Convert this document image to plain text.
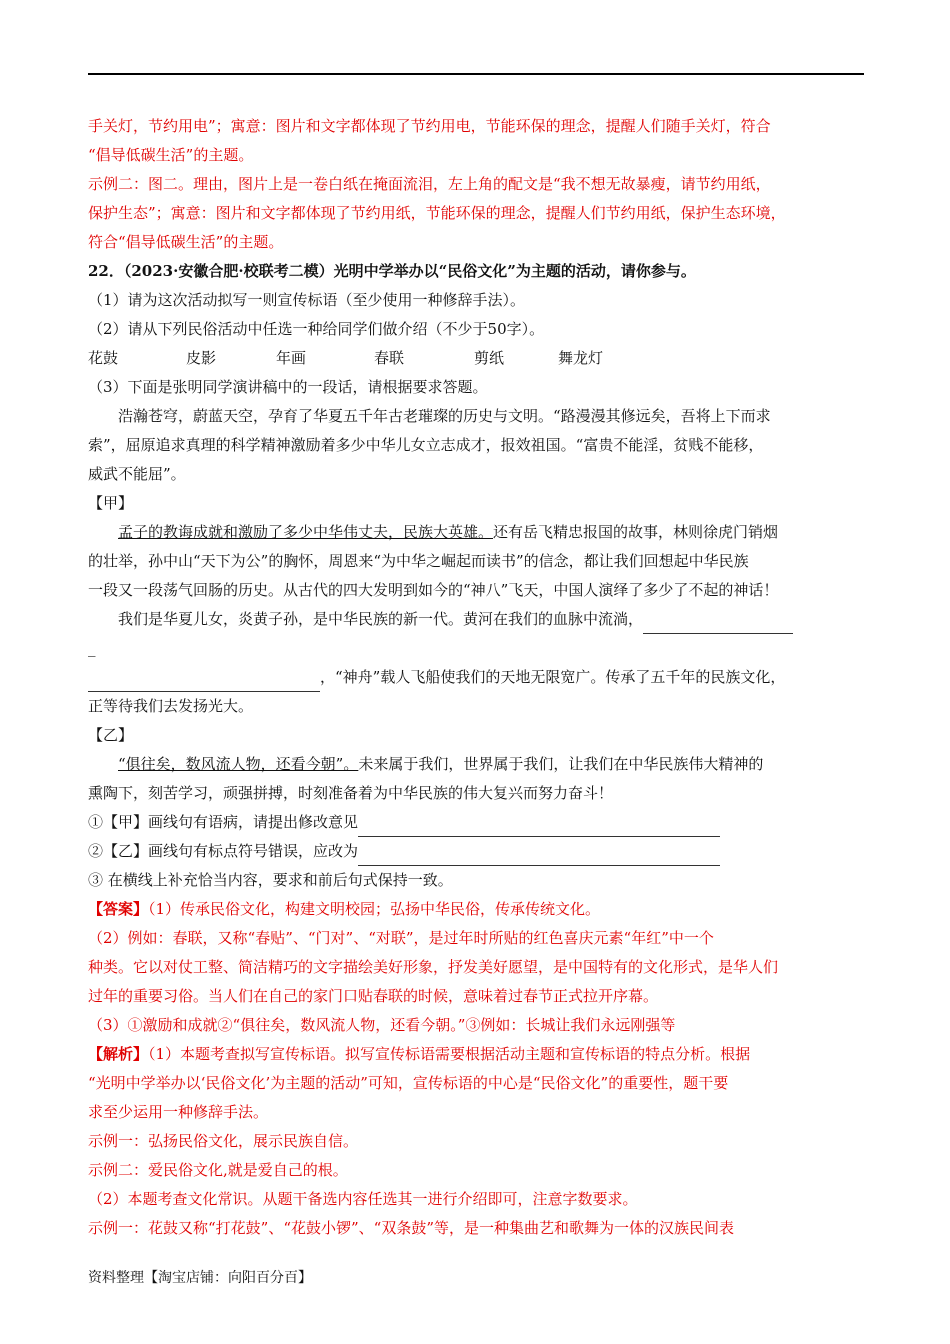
手关灯，节约用电”；寓意：图片和文字都体现了节约用电，节能环保的理念，提醒人们随手关灯，符合
“倡导低碳生活”的主题。
示例二：图二。理由，图片上是一卷白纸在掩面流泪，左上角的配文是“我不想无故暴瘦，请节约用纸，
保护生态”；寓意：图片和文字都体现了节约用纸，节能环保的理念，提醒人们节约用纸，保护生态环境，
符合“倡导低碳生活”的主题。
22．（2023·安徽合肥·校联考二模）光明中学举办以“民俗文化”为主题的活动，请你参与。
（1）请为这次活动拟写一则宣传标语（至少使用一种修辞手法）。
（2）请从下列民俗活动中任选一种给同学们做介绍（不少于50字）。
花鼓	皮影	年画	春联	剪纸	舞龙灯
（3）下面是张明同学演讲稿中的一段话，请根据要求答题。
浩瀚苍穹，蔚蓝天空，孕育了华夏五千年古老璀璨的历史与文明。“路漫漫其修远矣，吾将上下而求
索”，屈原追求真理的科学精神激励着多少中华儿女立志成才，报效祖国。“富贵不能淫，贫贱不能移，
威武不能屈”。
【甲】
孟子的教诲成就和激励了多少中华伟丈夫，民族大英雄。还有岳飞精忠报国的故事，林则徐虎门销烟
的壮举，孙中山“天下为公”的胸怀，周恩来“为中华之崛起而读书”的信念，都让我们回想起中华民族
一段又一段荡气回肠的历史。从古代的四大发明到如今的“神八”飞天，中国人演绎了多少了不起的神话！
我们是华夏儿女，炎黄子孙，是中华民族的新一代。黄河在我们的血脉中流淌，
_
，“神舟”载人飞船使我们的天地无限宽广。传承了五千年的民族文化，
正等待我们去发扬光大。
【乙】
“俱往矣，数风流人物，还看今朝”。未来属于我们，世界属于我们，让我们在中华民族伟大精神的
熏陶下，刻苦学习，顽强拼搏，时刻准备着为中华民族的伟大复兴而努力奋斗！
①【甲】画线句有语病，请提出修改意见
②【乙】画线句有标点符号错误，应改为
③ 在横线上补充恰当内容，要求和前后句式保持一致。
【答案】（1）传承民俗文化，构建文明校园；弘扬中华民俗，传承传统文化。
（2）例如：春联，又称“春贴”、“门对”、“对联”，是过年时所贴的红色喜庆元素“年红”中一个
种类。它以对仗工整、简洁精巧的文字描绘美好形象，抒发美好愿望，是中国特有的文化形式，是华人们
过年的重要习俗。当人们在自己的家门口贴春联的时候，意味着过春节正式拉开序幕。
（3）①激励和成就②“俱往矣，数风流人物，还看今朝。”③例如：长城让我们永远刚强等
【解析】（1）本题考查拟写宣传标语。拟写宣传标语需要根据活动主题和宣传标语的特点分析。根据
“光明中学举办以‘民俗文化’为主题的活动”可知，宣传标语的中心是“民俗文化”的重要性，题干要
求至少运用一种修辞手法。
示例一：弘扬民俗文化，展示民族自信。
示例二：爱民俗文化,就是爱自己的根。
（2）本题考查文化常识。从题干备选内容任选其一进行介绍即可，注意字数要求。
示例一：花鼓又称“打花鼓”、“花鼓小锣”、“双条鼓”等，是一种集曲艺和歌舞为一体的汉族民间表
资料整理【淘宝店铺：向阳百分百】
